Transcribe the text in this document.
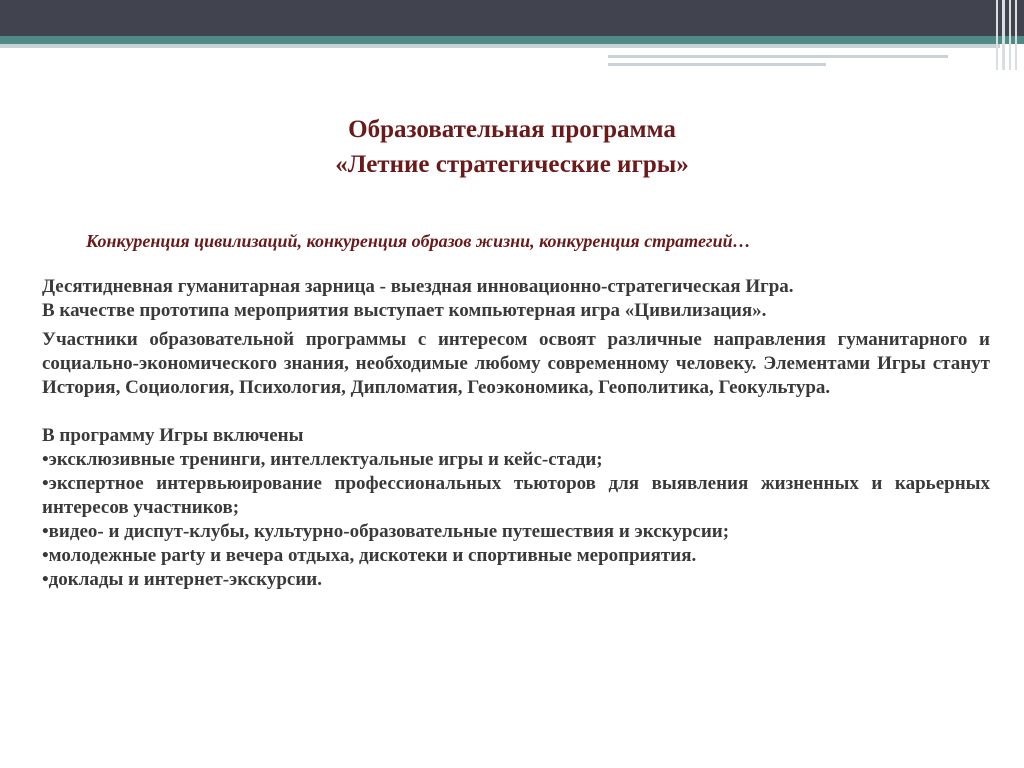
Образовательная программа
«Летние стратегические игры»
Конкуренция цивилизаций, конкуренция образов жизни, конкуренция стратегий…

Десятидневная гуманитарная зарница - выездная инновационно-стратегическая Игра.

В качестве прототипа мероприятия выступает компьютерная игра «Цивилизация».

Участники образовательной программы с интересом освоят различные направления гуманитарного и социально-экономического знания, необходимые любому современному человеку. Элементами Игры станут История, Социология, Психология, Дипломатия, Геоэкономика, Геополитика, Геокультура.

В программу Игры включены

•эксклюзивные тренинги, интеллектуальные игры и кейс-стади;

•экспертное интервьюирование профессиональных тьюторов для выявления жизненных и карьерных интересов участников;

•видео- и диспут-клубы, культурно-образовательные путешествия и экскурсии;

•молодежные party и вечера отдыха, дискотеки и спортивные мероприятия.

•доклады и интернет-экскурсии.
